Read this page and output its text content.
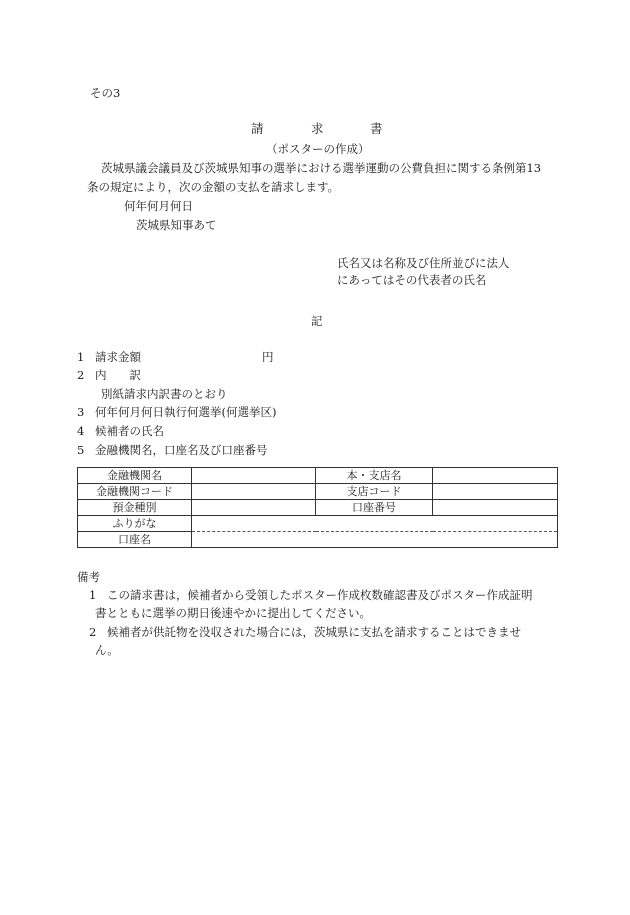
その3
請	求	書
（ポスターの作成）
茨城県議会議員及び茨城県知事の選挙における選挙運動の公費負担に関する条例第13
条の規定により，次の金額の支払を請求します。
何年何月何日
茨城県知事あて
氏名又は名称及び住所並びに法人
にあってはその代表者の氏名
記
1 請求金額	円
2 内　　訳
別紙請求内訳書のとおり
3 何年何月何日執行何選挙(何選挙区)
4 候補者の氏名
5 金融機関名，口座名及び口座番号
金融機関名		本・支店名	
金融機関コード		支店コード	
預金種別		口座番号	
ふりがな			
口座名			
備考
1 この請求書は，候補者から受領したポスター作成枚数確認書及びポスター作成証明
書とともに選挙の期日後速やかに提出してください。
2 候補者が供託物を没収された場合には，茨城県に支払を請求することはできませ
ん。
